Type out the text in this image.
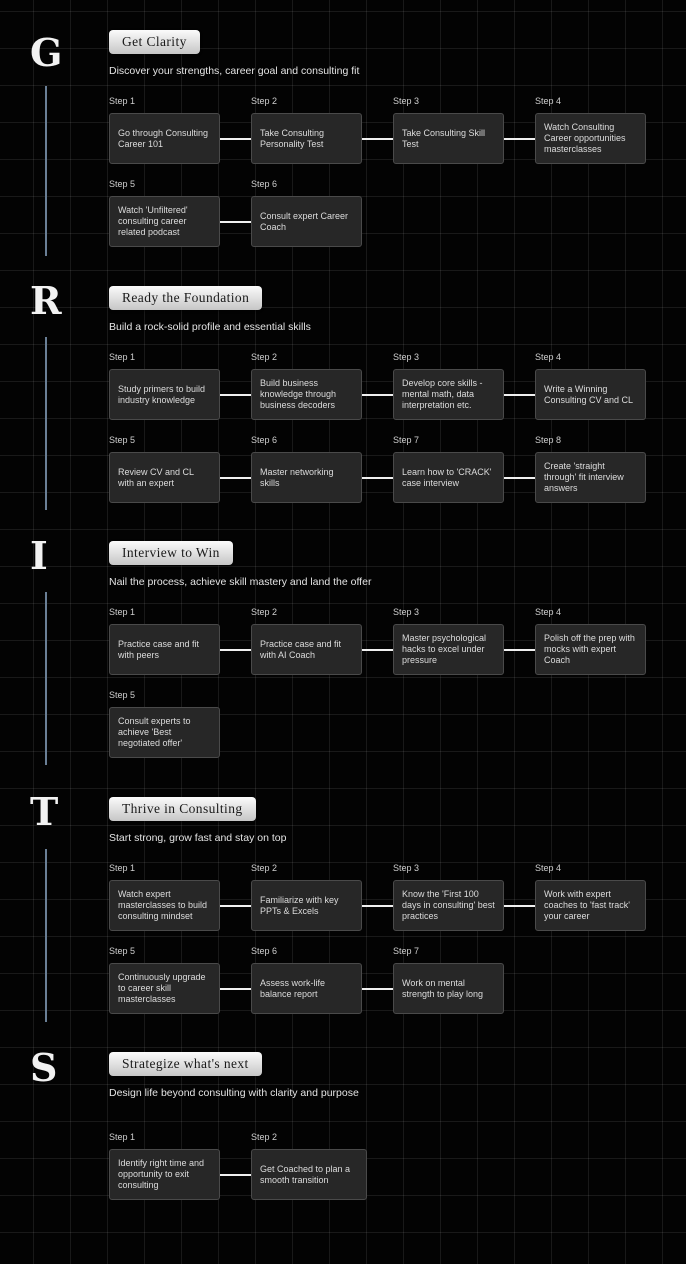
G	Get Clarity
Discover your strengths, career goal and consulting fit
Step 1
Go through Consulting Career 101
Step 2
Take Consulting Personality Test
Step 3
Take Consulting Skill Test
Step 4
Watch Consulting Career opportunities masterclasses
Step 5
Watch 'Unfiltered' consulting career related podcast
Step 6
Consult expert Career Coach
R	Ready the Foundation
Build a rock-solid profile and essential skills
Step 1
Study primers to build industry knowledge
Step 2
Build business knowledge through business decoders
Step 3
Develop core skills - mental math, data interpretation etc.
Step 4
Write a Winning Consulting CV and CL
Step 5
Review CV and CL with an expert
Step 6
Master networking skills
Step 7
Learn how to 'CRACK' case interview
Step 8
Create 'straight through' fit interview answers
I	Interview to Win
Nail the process, achieve skill mastery and land the offer
Step 1
Practice case and fit with peers
Step 2
Practice case and fit with AI Coach
Step 3
Master psychological hacks to excel under pressure
Step 4
Polish off the prep with mocks with expert Coach
Step 5
Consult experts to achieve 'Best negotiated offer'
T	Thrive in Consulting
Start strong, grow fast and stay on top
Step 1
Watch expert masterclasses to build consulting mindset
Step 2
Familiarize with key PPTs & Excels
Step 3
Know the 'First 100 days in consulting' best practices
Step 4
Work with expert coaches to 'fast track' your career
Step 5
Continuously upgrade to career skill masterclasses
Step 6
Assess work-life balance report
Step 7
Work on mental strength to play long
S	Strategize what's next
Design life beyond consulting with clarity and purpose
Step 1
Identify right time and opportunity to exit consulting
Step 2
Get Coached to plan a smooth transition
